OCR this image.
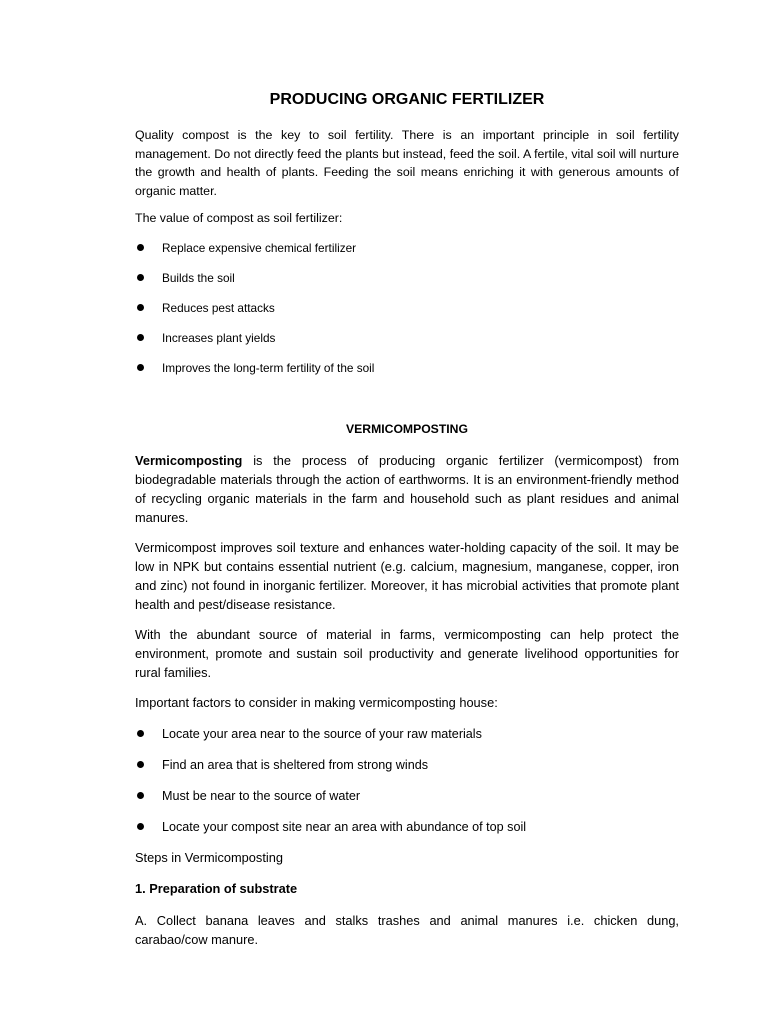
PRODUCING ORGANIC FERTILIZER

Quality compost is the key to soil fertility. There is an important principle in soil fertility management. Do not directly feed the plants but instead, feed the soil. A fertile, vital soil will nurture the growth and health of plants. Feeding the soil means enriching it with generous amounts of organic matter.

The value of compost as soil fertilizer:

Replace expensive chemical fertilizer
Builds the soil
Reduces pest attacks
Increases plant yields
Improves the long-term fertility of the soil
VERMICOMPOSTING

Vermicomposting is the process of producing organic fertilizer (vermicompost) from biodegradable materials through the action of earthworms. It is an environment-friendly method of recycling organic materials in the farm and household such as plant residues and animal manures.

Vermicompost improves soil texture and enhances water-holding capacity of the soil. It may be low in NPK but contains essential nutrient (e.g. calcium, magnesium, manganese, copper, iron and zinc) not found in inorganic fertilizer. Moreover, it has microbial activities that promote plant health and pest/disease resistance.

With the abundant source of material in farms, vermicomposting can help protect the environment, promote and sustain soil productivity and generate livelihood opportunities for rural families.

Important factors to consider in making vermicomposting house:

Locate your area near to the source of your raw materials
Find an area that is sheltered from strong winds
Must be near to the source of water
Locate your compost site near an area with abundance of top soil

Steps in Vermicomposting

1. Preparation of substrate

A. Collect banana leaves and stalks trashes and animal manures i.e. chicken dung, carabao/cow manure.
